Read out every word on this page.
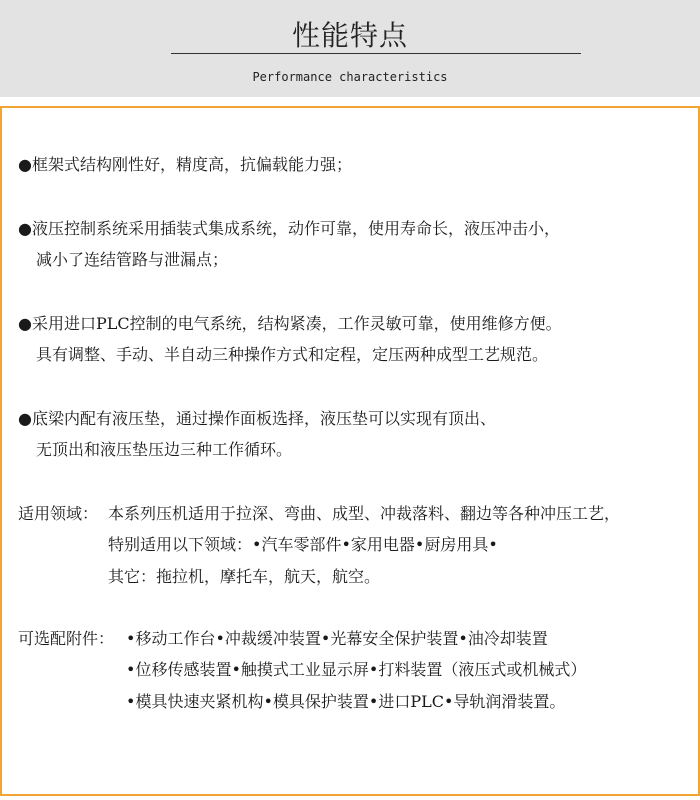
性能特点
Performance characteristics
●框架式结构刚性好，精度高，抗偏载能力强；
●液压控制系统采用插装式集成系统，动作可靠，使用寿命长，液压冲击小，
减小了连结管路与泄漏点；
●采用进口PLC控制的电气系统，结构紧凑，工作灵敏可靠，使用维修方便。
具有调整、手动、半自动三种操作方式和定程，定压两种成型工艺规范。
●底梁内配有液压垫，通过操作面板选择，液压垫可以实现有顶出、
无顶出和液压垫压边三种工作循环。
适用领域： 本系列压机适用于拉深、弯曲、成型、冲裁落料、翻边等各种冲压工艺，
特别适用以下领域：•汽车零部件•家用电器•厨房用具•
其它：拖拉机，摩托车，航天，航空。
可选配附件： •移动工作台•冲裁缓冲装置•光幕安全保护装置•油冷却装置
•位移传感装置•触摸式工业显示屏•打料装置（液压式或机械式）
•模具快速夹紧机构•模具保护装置•进口PLC•导轨润滑装置。
